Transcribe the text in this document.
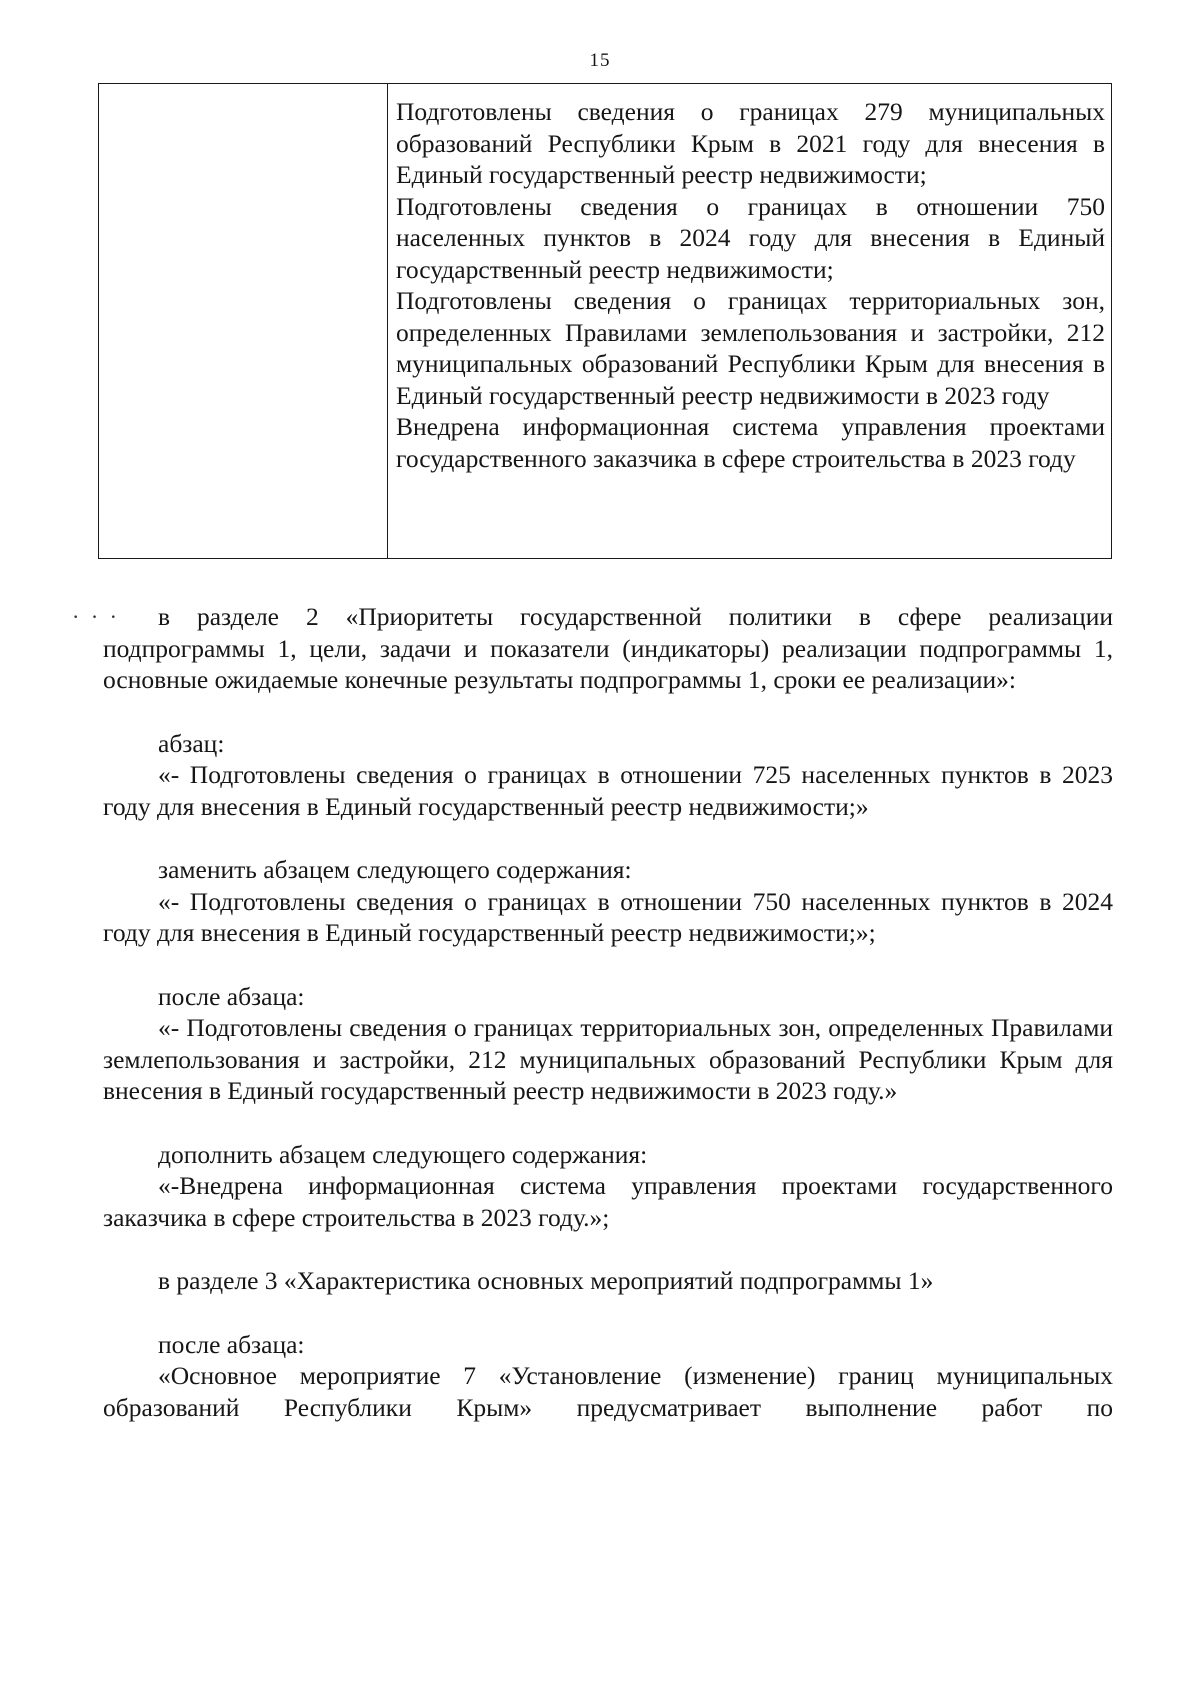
15

Подготовлены сведения о границах 279 муниципальных образований Республики Крым в 2021 году для внесения в Единый государственный реестр недвижимости;

Подготовлены сведения о границах в отношении 750 населенных пунктов в 2024 году для внесения в Единый государственный реестр недвижимости;

Подготовлены сведения о границах территориальных зон, определенных Правилами землепользования и застройки, 212 муниципальных образований Республики Крым для внесения в Единый государственный реестр недвижимости в 2023 году

Внедрена информационная система управления проектами государственного заказчика в сфере строительства в 2023 году

· · ·	в разделе 2 «Приоритеты государственной политики в сфере реализации подпрограммы 1, цели, задачи и показатели (индикаторы) реализации подпрограммы 1, основные ожидаемые конечные результаты подпрограммы 1, сроки ее реализации»:

абзац:

«- Подготовлены сведения о границах в отношении 725 населенных пунктов в 2023 году для внесения в Единый государственный реестр недвижимости;»

заменить абзацем следующего содержания:

«- Подготовлены сведения о границах в отношении 750 населенных пунктов в 2024 году для внесения в Единый государственный реестр недвижимости;»;

после абзаца:

«- Подготовлены сведения о границах территориальных зон, определенных Правилами землепользования и застройки, 212 муниципальных образований Республики Крым для внесения в Единый государственный реестр недвижимости в 2023 году.»

дополнить абзацем следующего содержания:

«-Внедрена информационная система управления проектами государственного заказчика в сфере строительства в 2023 году.»;

в разделе 3 «Характеристика основных мероприятий подпрограммы 1»

после абзаца:

«Основное мероприятие 7 «Установление (изменение) границ муниципальных образований Республики Крым» предусматривает выполнение работ по
